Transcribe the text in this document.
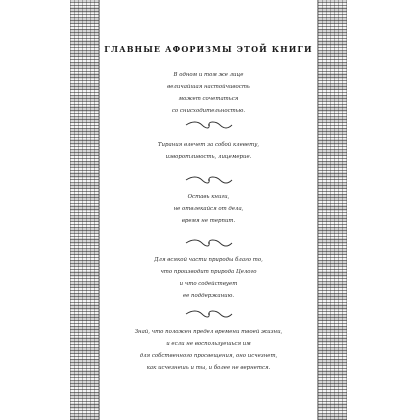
ГЛАВНЫЕ АФОРИЗМЫ ЭТОЙ КНИГИ
В одном и том же лице
величайшая настойчивость
может сочетаться
со снисходительностью.
Тирания влечет за собой клевету,
изворотливость, лицемерие.
Оставь книги,
не отвлекайся от дела,
время не терпит.
Для всякой части природы благо то,
что производит природа Целого
и что содействует
ее поддержанию.
Знай, что положен предел времени твоей жизни,
и если не воспользуешься им
для собственного просвещения, оно исчезнет,
как исчезнешь и ты, и более не вернется.
